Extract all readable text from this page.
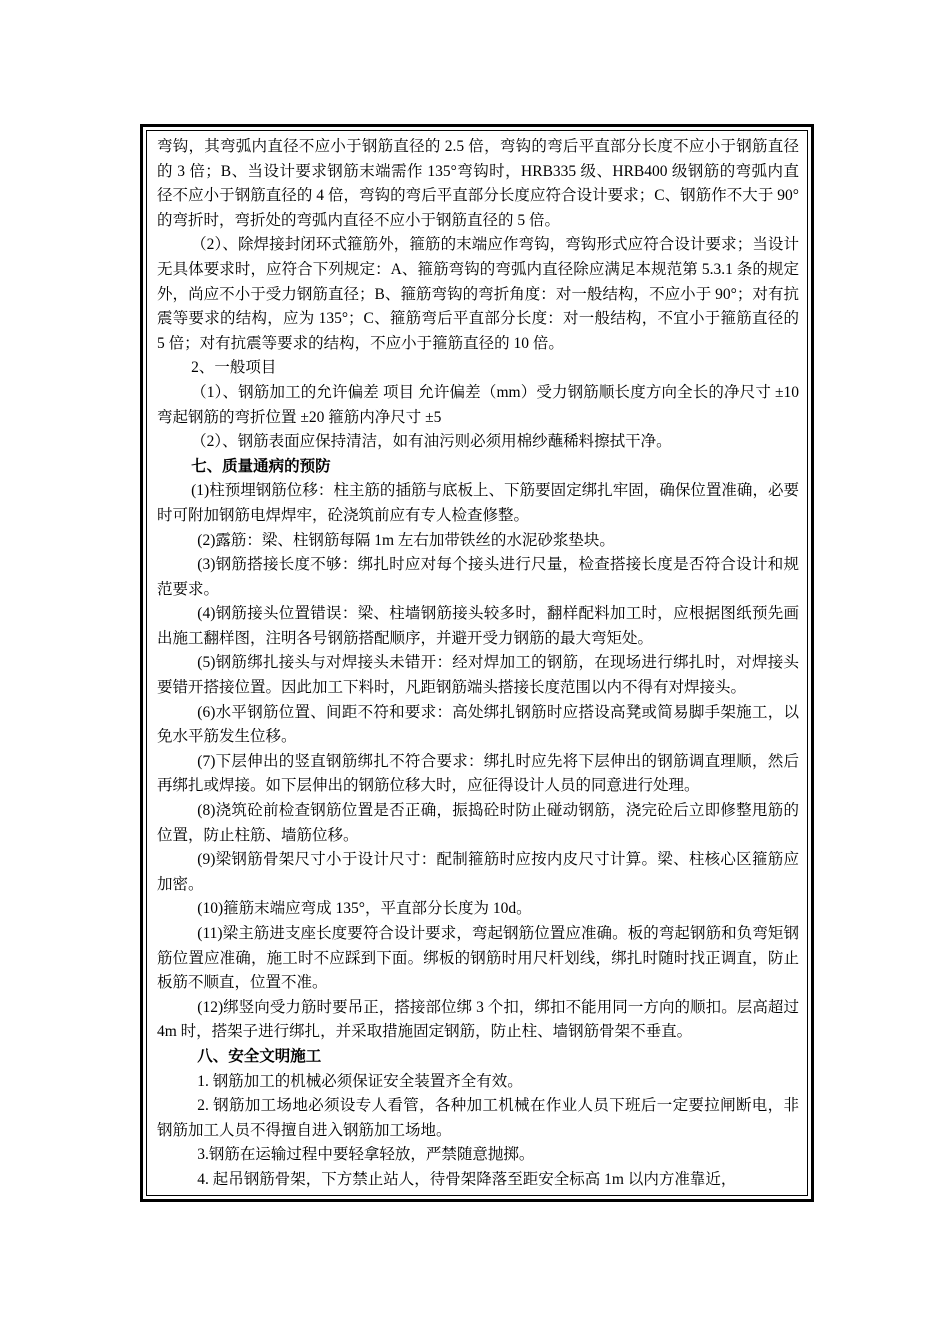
弯钩，其弯弧内直径不应小于钢筋直径的 2.5 倍，弯钩的弯后平直部分长度不应小于钢筋直径的 3 倍；B、当设计要求钢筋末端需作 135°弯钩时，HRB335 级、HRB400 级钢筋的弯弧内直径不应小于钢筋直径的 4 倍，弯钩的弯后平直部分长度应符合设计要求；C、钢筋作不大于 90°的弯折时，弯折处的弯弧内直径不应小于钢筋直径的 5 倍。

（2）、除焊接封闭环式箍筋外，箍筋的末端应作弯钩，弯钩形式应符合设计要求；当设计无具体要求时，应符合下列规定：A、箍筋弯钩的弯弧内直径除应满足本规范第 5.3.1 条的规定外，尚应不小于受力钢筋直径；B、箍筋弯钩的弯折角度：对一般结构，不应小于 90°；对有抗震等要求的结构，应为 135°；C、箍筋弯后平直部分长度：对一般结构，不宜小于箍筋直径的 5 倍；对有抗震等要求的结构，不应小于箍筋直径的 10 倍。

2、一般项目

（1）、钢筋加工的允许偏差 项目 允许偏差（mm）受力钢筋顺长度方向全长的净尺寸 ±10 弯起钢筋的弯折位置 ±20 箍筋内净尺寸 ±5

（2）、钢筋表面应保持清洁，如有油污则必须用棉纱蘸稀料擦拭干净。

七、质量通病的预防

(1)柱预埋钢筋位移：柱主筋的插筋与底板上、下筋要固定绑扎牢固，确保位置准确，必要时可附加钢筋电焊焊牢，砼浇筑前应有专人检查修整。

(2)露筋：梁、柱钢筋每隔 1m 左右加带铁丝的水泥砂浆垫块。

(3)钢筋搭接长度不够：绑扎时应对每个接头进行尺量，检查搭接长度是否符合设计和规范要求。

(4)钢筋接头位置错误：梁、柱墙钢筋接头较多时，翻样配料加工时，应根据图纸预先画出施工翻样图，注明各号钢筋搭配顺序，并避开受力钢筋的最大弯矩处。

(5)钢筋绑扎接头与对焊接头未错开：经对焊加工的钢筋，在现场进行绑扎时，对焊接头要错开搭接位置。因此加工下料时，凡距钢筋端头搭接长度范围以内不得有对焊接头。

(6)水平钢筋位置、间距不符和要求：高处绑扎钢筋时应搭设高凳或简易脚手架施工，以免水平筋发生位移。

(7)下层伸出的竖直钢筋绑扎不符合要求：绑扎时应先将下层伸出的钢筋调直理顺，然后再绑扎或焊接。如下层伸出的钢筋位移大时，应征得设计人员的同意进行处理。

(8)浇筑砼前检查钢筋位置是否正确，振捣砼时防止碰动钢筋，浇完砼后立即修整甩筋的位置，防止柱筋、墙筋位移。

(9)梁钢筋骨架尺寸小于设计尺寸：配制箍筋时应按内皮尺寸计算。梁、柱核心区箍筋应加密。

(10)箍筋末端应弯成 135°，平直部分长度为 10d。

(11)梁主筋进支座长度要符合设计要求，弯起钢筋位置应准确。板的弯起钢筋和负弯矩钢筋位置应准确，施工时不应踩到下面。绑板的钢筋时用尺杆划线，绑扎时随时找正调直，防止板筋不顺直，位置不准。

(12)绑竖向受力筋时要吊正，搭接部位绑 3 个扣，绑扣不能用同一方向的顺扣。层高超过 4m 时，搭架子进行绑扎，并采取措施固定钢筋，防止柱、墙钢筋骨架不垂直。

八、安全文明施工

1. 钢筋加工的机械必须保证安全装置齐全有效。

2. 钢筋加工场地必须设专人看管，各种加工机械在作业人员下班后一定要拉闸断电，非钢筋加工人员不得擅自进入钢筋加工场地。

3.钢筋在运输过程中要轻拿轻放，严禁随意抛掷。

4. 起吊钢筋骨架，下方禁止站人，待骨架降落至距安全标高 1m 以内方准靠近，
